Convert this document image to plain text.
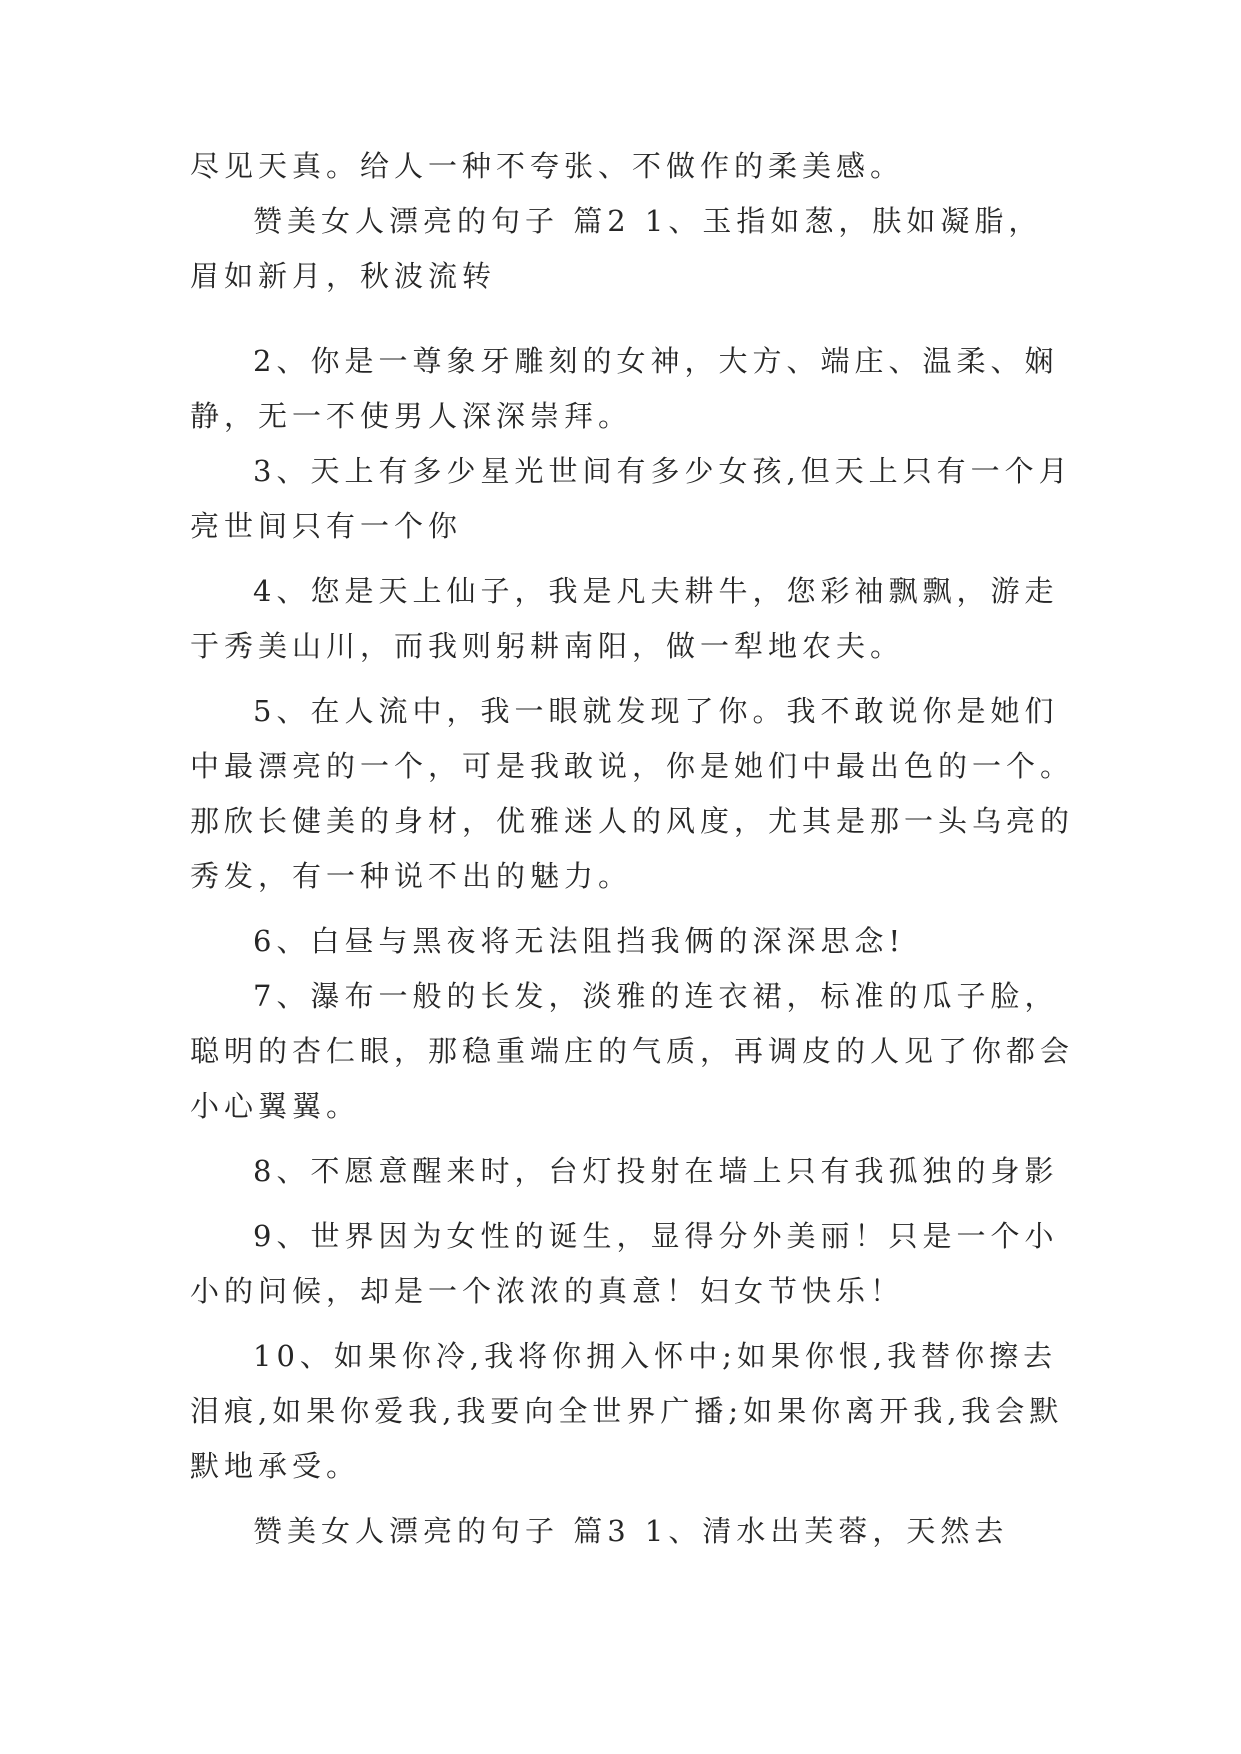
尽见天真。给人一种不夸张、不做作的柔美感。
赞美女人漂亮的句子 篇2 1、玉指如葱，肤如凝脂，
眉如新月，秋波流转
2、你是一尊象牙雕刻的女神，大方、端庄、温柔、娴
静，无一不使男人深深崇拜。
3、天上有多少星光世间有多少女孩,但天上只有一个月
亮世间只有一个你
4、您是天上仙子，我是凡夫耕牛，您彩袖飘飘，游走
于秀美山川，而我则躬耕南阳，做一犁地农夫。
5、在人流中，我一眼就发现了你。我不敢说你是她们
中最漂亮的一个，可是我敢说，你是她们中最出色的一个。
那欣长健美的身材，优雅迷人的风度，尤其是那一头乌亮的
秀发，有一种说不出的魅力。
6、白昼与黑夜将无法阻挡我俩的深深思念!
7、瀑布一般的长发，淡雅的连衣裙，标准的瓜子脸，
聪明的杏仁眼，那稳重端庄的气质，再调皮的人见了你都会
小心翼翼。
8、不愿意醒来时，台灯投射在墙上只有我孤独的身影
9、世界因为女性的诞生，显得分外美丽！只是一个小
小的问候，却是一个浓浓的真意！妇女节快乐！
10、如果你冷,我将你拥入怀中;如果你恨,我替你擦去
泪痕,如果你爱我,我要向全世界广播;如果你离开我,我会默
默地承受。
赞美女人漂亮的句子 篇3 1、清水出芙蓉，天然去
